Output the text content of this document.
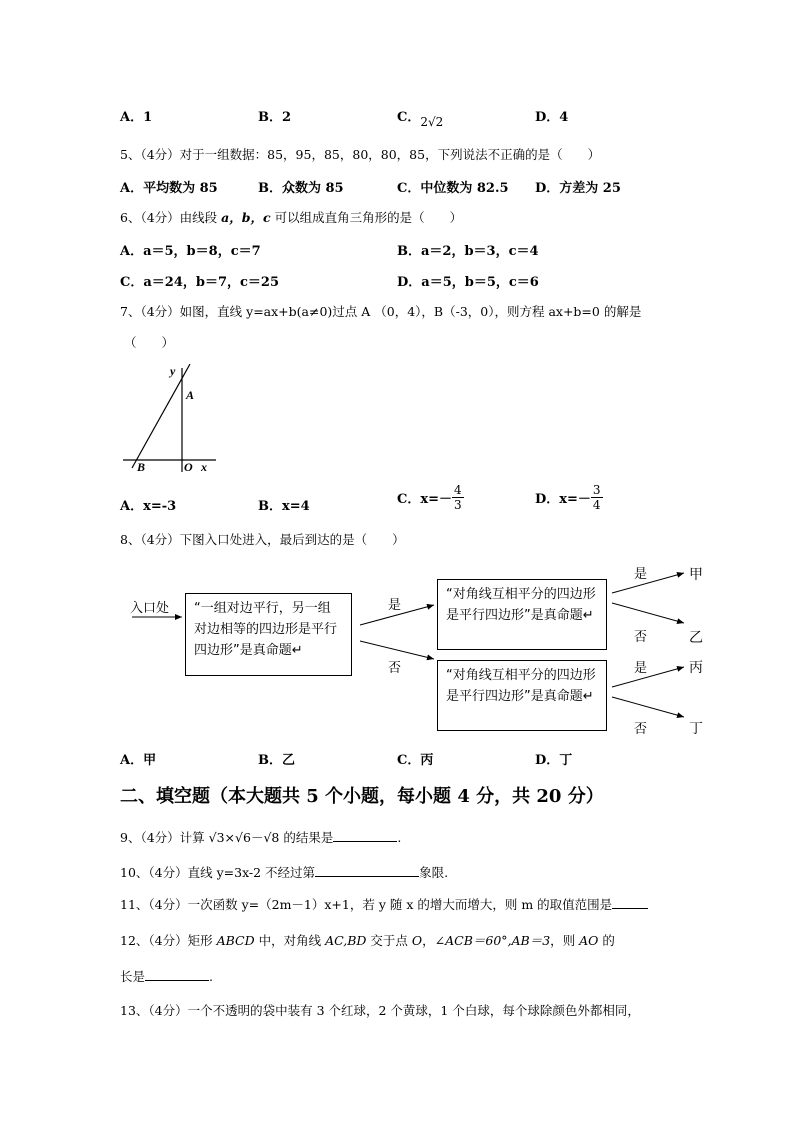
A．1	B．2	C．2√2	D．4
5、（4分）对于一组数据：85，95，85，80，80，85，下列说法不正确的是（　　）
A．平均数为 85	B．众数为 85	C．中位数为 82.5 D．方差为 25
6、（4分）由线段 a，b，c 可以组成直角三角形的是（　　）
A．a＝5，b＝8，c＝7	B．a＝2，b＝3，c＝4
C．a＝24，b＝7，c＝25	D．a＝5，b＝5，c＝6
7、（4分）如图，直线 y=ax+b(a≠0)过点 A （0，4），B（-3，0），则方程 ax+b=0 的解是
（　　）
y
A
B	O x
A．x=-3	B．x=4	C．$x=- \frac{4}{3}$	D．$x=- \frac{3}{4}$
8、（4分）下图入口处进入，最后到达的是（　　）
入口处	“一组对边平行，另一组对边相等的四边形是平行四边形”是真命题↵
“对角线互相平分的四边形是平行四边形”是真命题↵
“对角线互相平分的四边形是平行四边形”是真命题↵
是
否
是
否
是
否
甲
乙
丙
丁
A．甲	B．乙	C．丙	D．丁
二、填空题（本大题共 5 个小题，每小题 4 分，共 20 分）
9、（4分）计算 √3×√6－√8 的结果是	.
10、（4分）直线 y=3x-2 不经过第	象限.
11、（4分）一次函数 y=（2m－1）x+1，若 y 随 x 的增大而增大，则 m 的取值范围是
12、（4分）矩形 ABCD 中，对角线 AC,BD 交于点 O，∠ACB＝60°,AB＝3，则 AO 的
长是	.
13、（4分）一个不透明的袋中装有 3 个红球，2 个黄球，1 个白球，每个球除颜色外都相同，
